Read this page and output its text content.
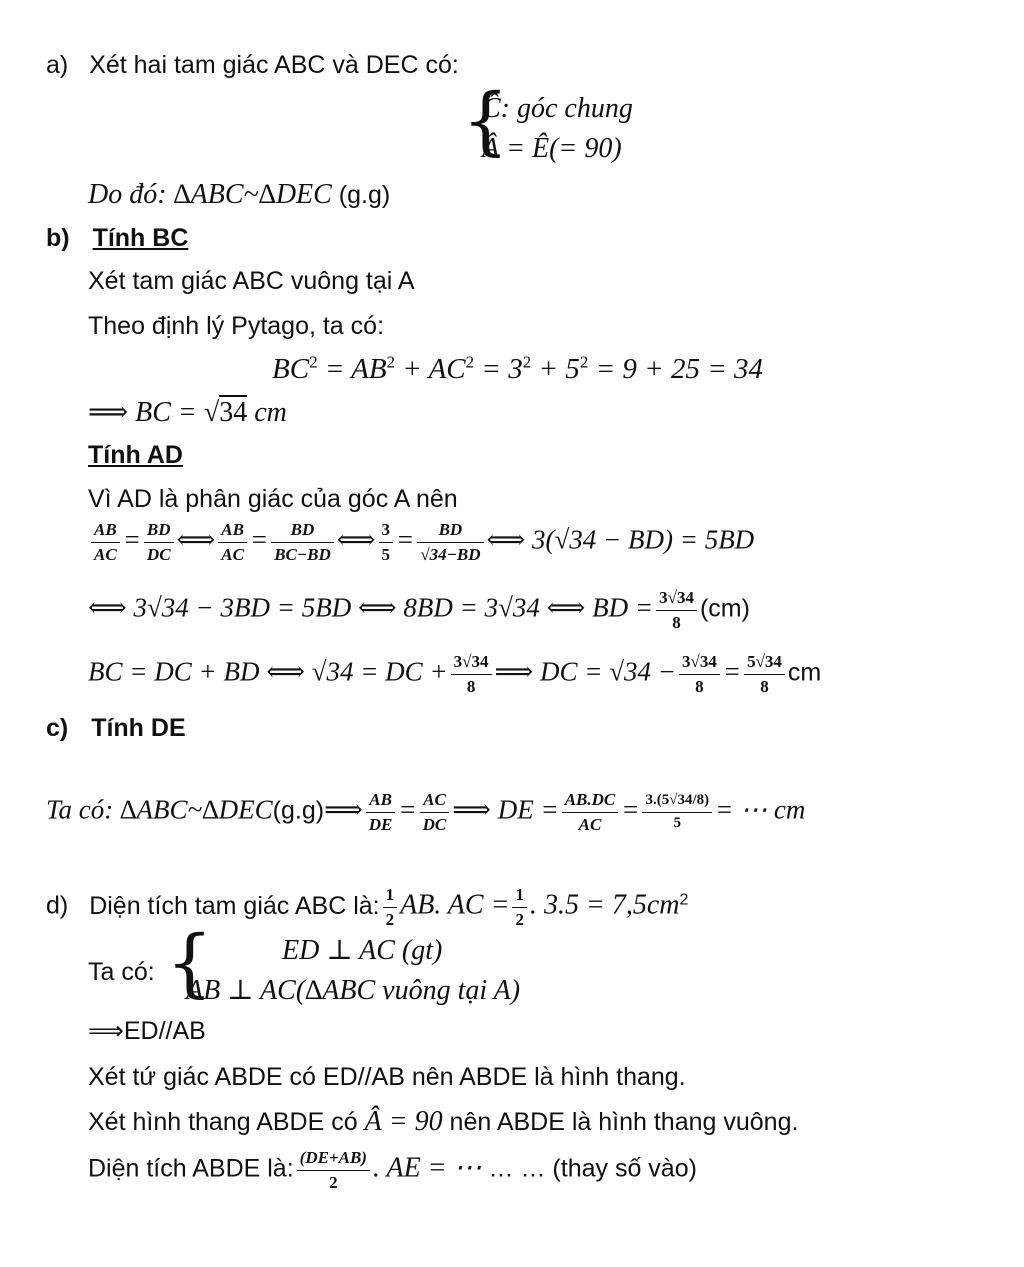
a) Xét hai tam giác ABC và DEC có:
{
Ĉ: góc chung
Â = Ê(= 90)
Do đó: ∆ABC~∆DEC (g.g)
b) Tính BC
Xét tam giác ABC vuông tại A
Theo định lý Pytago, ta có:
$BC^2 = AB^2 + AC^2 = 3^2 + 5^2 = 9 + 25 = 34$
⟹ BC = √34 cm
Tính AD
Vì AD là phân giác của góc A nên
$\frac{AB}{AC} = \frac{BD}{DC}$ ⟺ $\frac{AB}{AC} = \frac{BD}{BC-BD}$ ⟺ $\frac{3}{5} = \frac{BD}{√34-BD}$ ⟺ 3(√34 − BD) = 5BD
⟺ 3√34 − 3BD = 5BD ⟺ 8BD = 3√34 ⟺ BD = $\frac{3√34}{8} (cm)$
BC = DC + BD ⟺ √34 = DC + $\frac{3√34}{8}$ ⟹ DC = $√34 - \frac{3√34}{8} = \frac{5√34}{8}$ cm
c) Tính DE
Ta có: ∆ABC~∆DEC(g.g)⟹ $\frac{AB}{DE} = \frac{AC}{DC}$ ⟹ DE = $\frac{AB.DC}{AC} = \frac{3.(5√34/8)}{5}$ = ⋯ cm
d) Diện tích tam giác ABC là: $\frac{1}{2}$ AB. AC = $\frac{1}{2}$ . $3.5 = 7,5cm^2$
Ta có: { ED ⊥ AC (gt)
AB ⊥ AC(∆ABC vuông tại A)
⟹ED//AB
Xét tứ giác ABDE có ED//AB nên ABDE là hình thang.
Xét hình thang ABDE có Â = 90 nên ABDE là hình thang vuông.
Diện tích ABDE là: $\frac{(DE+AB)}{2}$ . AE = ⋯ … … (thay số vào)
